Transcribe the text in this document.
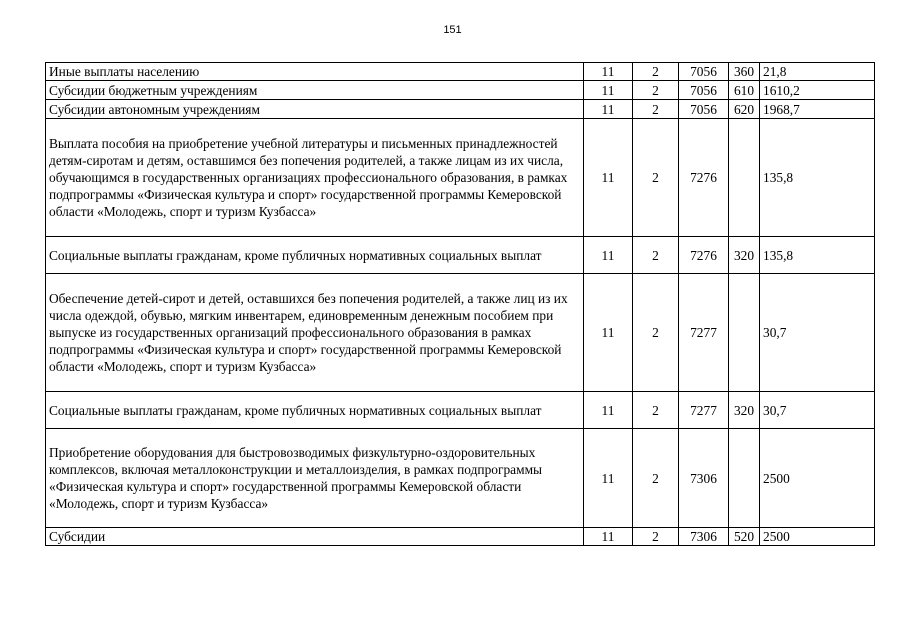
151
Иные выплаты населению	11	2	7056	360	21,8
Субсидии бюджетным учреждениям	11	2	7056	610	1610,2
Субсидии автономным учреждениям	11	2	7056	620	1968,7
Выплата пособия на приобретение учебной литературы и письменных принадлежностей детям-сиротам и детям, оставшимся без попечения родителей, а также лицам из их числа, обучающимся в государственных организациях профессионального образования, в рамках подпрограммы «Физическая культура и спорт» государственной программы Кемеровской области «Молодежь, спорт и туризм Кузбасса»	11	2	7276		135,8
Социальные выплаты гражданам, кроме публичных нормативных социальных выплат	11	2	7276	320	135,8
Обеспечение детей-сирот и детей, оставшихся без попечения родителей, а также лиц из их числа одеждой, обувью, мягким инвентарем, единовременным денежным пособием при выпуске из государственных организаций профессионального образования в рамках подпрограммы «Физическая культура и спорт» государственной программы Кемеровской области «Молодежь, спорт и туризм Кузбасса»	11	2	7277		30,7
Социальные выплаты гражданам, кроме публичных нормативных социальных выплат	11	2	7277	320	30,7
Приобретение оборудования для быстровозводимых физкультурно-оздоровительных комплексов, включая металлоконструкции и металлоизделия, в рамках подпрограммы «Физическая культура и спорт» государственной программы Кемеровской области «Молодежь, спорт и туризм Кузбасса»	11	2	7306		2500
Субсидии	11	2	7306	520	2500
